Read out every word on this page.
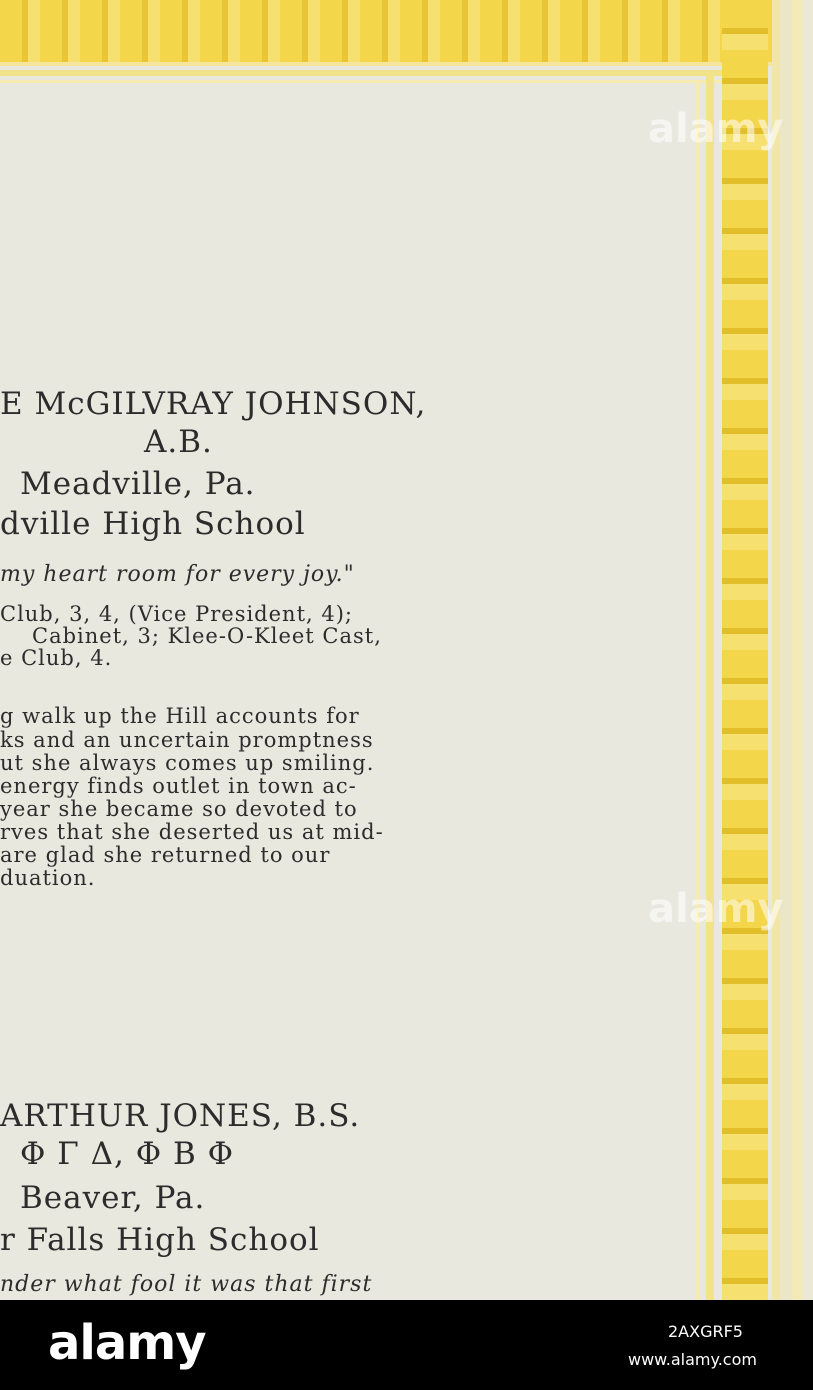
E McGILVRAY JOHNSON,
A.B.
Meadville, Pa.
dville High School
my heart room for every joy."
Club, 3, 4, (Vice President, 4);
Cabinet, 3; Klee-O-Kleet Cast,
e Club, 4.
g walk up the Hill accounts for
ks and an uncertain promptness
ut she always comes up smiling.
energy finds outlet in town ac-
year she became so devoted to
rves that she deserted us at mid-
are glad she returned to our
duation.
ARTHUR JONES, B.S.
Φ Γ Δ, Φ Β Φ
Beaver, Pa.
r Falls High School
nder what fool it was that first
alamy
alamy
alamy	2AXGRF5
www.alamy.com
